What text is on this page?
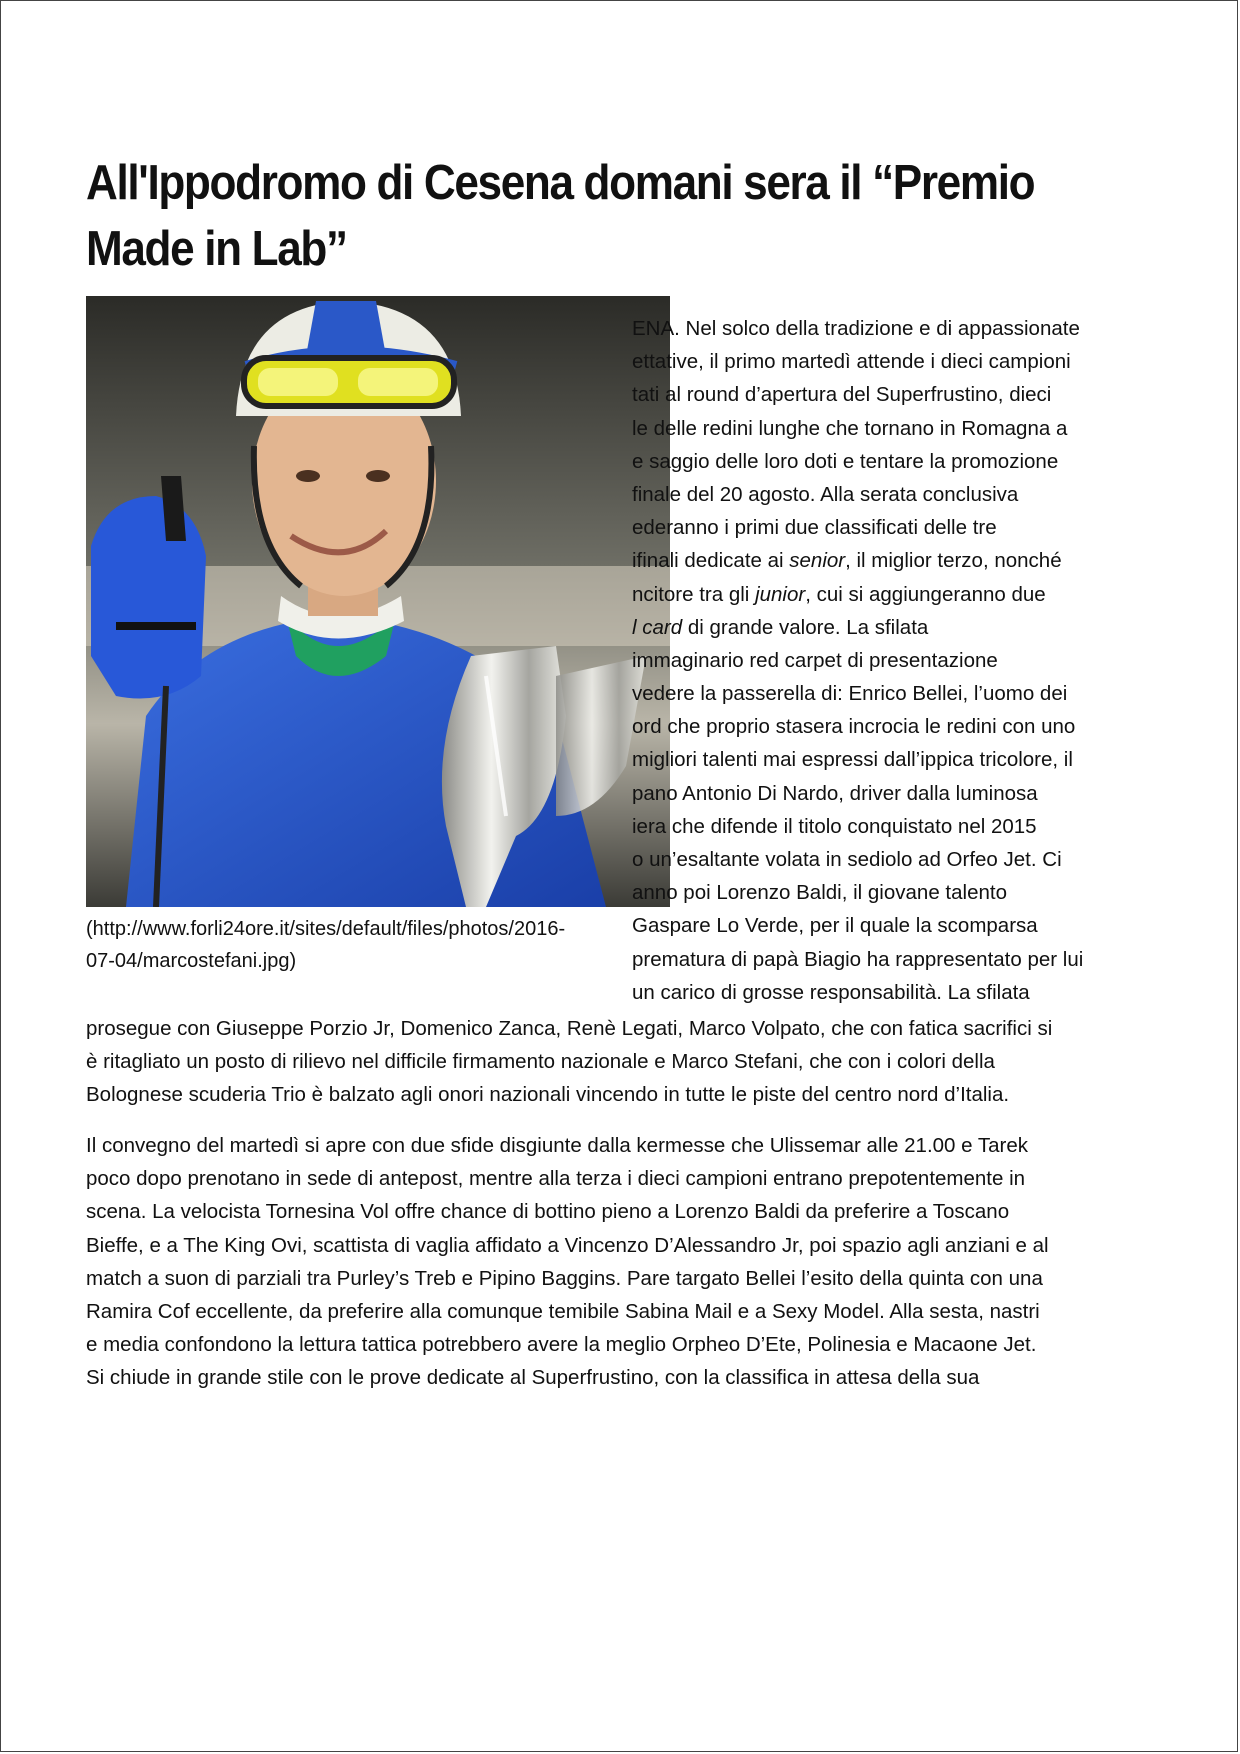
All'Ippodromo di Cesena domani sera il “Premio Made in Lab”
(http://www.forli24ore.it/sites/default/files/photos/2016-
07-04/marcostefani.jpg)
ENA. Nel solco della tradizione e di appassionate
ettative, il primo martedì attende i dieci campioni
tati al round d’apertura del Superfrustino, dieci
le delle redini lunghe che tornano in Romagna a
e saggio delle loro doti e tentare la promozione
finale del 20 agosto. Alla serata conclusiva
ederanno i primi due classificati delle tre
ifinali dedicate ai senior, il miglior terzo, nonché
ncitore tra gli junior, cui si aggiungeranno due
l card di grande valore. La sfilata
immaginario red carpet di presentazione
vedere la passerella di: Enrico Bellei, l’uomo dei
ord che proprio stasera incrocia le redini con uno
migliori talenti mai espressi dall’ippica tricolore, il
pano Antonio Di Nardo, driver dalla luminosa
iera che difende il titolo conquistato nel 2015
o un’esaltante volata in sediolo ad Orfeo Jet. Ci
anno poi Lorenzo Baldi, il giovane talento
Gaspare Lo Verde, per il quale la scomparsa
prematura di papà Biagio ha rappresentato per lui
un carico di grosse responsabilità. La sfilata
prosegue con Giuseppe Porzio Jr, Domenico Zanca, Renè Legati, Marco Volpato, che con fatica sacrifici si
è ritagliato un posto di rilievo nel difficile firmamento nazionale e Marco Stefani, che con i colori della
Bolognese scuderia Trio è balzato agli onori nazionali vincendo in tutte le piste del centro nord d’Italia.
Il convegno del martedì si apre con due sfide disgiunte dalla kermesse che Ulissemar alle 21.00 e Tarek
poco dopo prenotano in sede di antepost, mentre alla terza i dieci campioni entrano prepotentemente in
scena. La velocista Tornesina Vol offre chance di bottino pieno a Lorenzo Baldi da preferire a Toscano
Bieffe, e a The King Ovi, scattista di vaglia affidato a Vincenzo D’Alessandro Jr, poi spazio agli anziani e al
match a suon di parziali tra Purley’s Treb e Pipino Baggins. Pare targato Bellei l’esito della quinta con una
Ramira Cof eccellente, da preferire alla comunque temibile Sabina Mail e a Sexy Model. Alla sesta, nastri
e media confondono la lettura tattica potrebbero avere la meglio Orpheo D’Ete, Polinesia e Macaone Jet.
Si chiude in grande stile con le prove dedicate al Superfrustino, con la classifica in attesa della sua
